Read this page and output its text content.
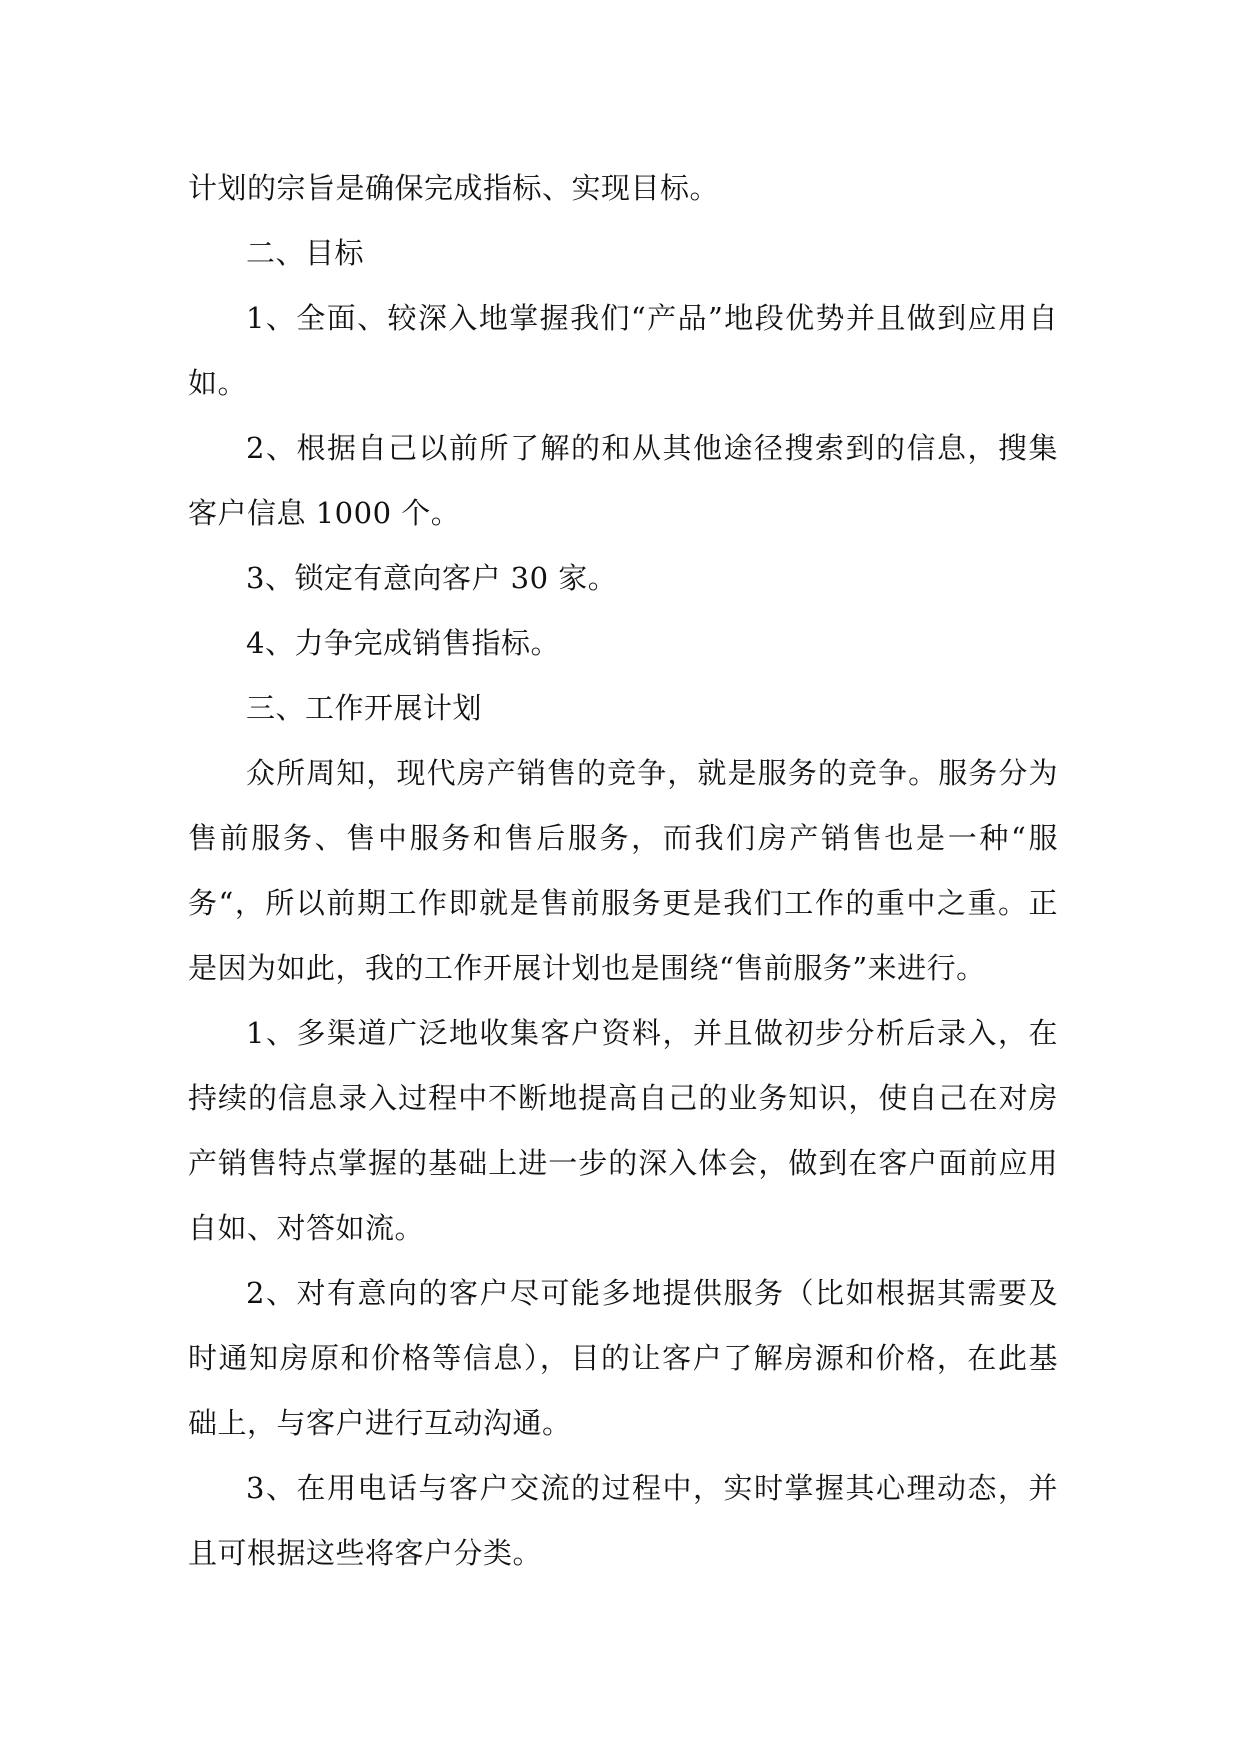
计划的宗旨是确保完成指标、实现目标。

二、目标

1、全面、较深入地掌握我们“产品”地段优势并且做到应用自如。

2、根据自己以前所了解的和从其他途径搜索到的信息，搜集客户信息 1000 个。

3、锁定有意向客户 30 家。

4、力争完成销售指标。

三、工作开展计划

众所周知，现代房产销售的竞争，就是服务的竞争。服务分为售前服务、售中服务和售后服务，而我们房产销售也是一种“服务“，所以前期工作即就是售前服务更是我们工作的重中之重。正是因为如此，我的工作开展计划也是围绕“售前服务”来进行。

1、多渠道广泛地收集客户资料，并且做初步分析后录入，在持续的信息录入过程中不断地提高自己的业务知识，使自己在对房产销售特点掌握的基础上进一步的深入体会，做到在客户面前应用自如、对答如流。

2、对有意向的客户尽可能多地提供服务（比如根据其需要及时通知房原和价格等信息），目的让客户了解房源和价格，在此基础上，与客户进行互动沟通。

3、在用电话与客户交流的过程中，实时掌握其心理动态，并且可根据这些将客户分类。
